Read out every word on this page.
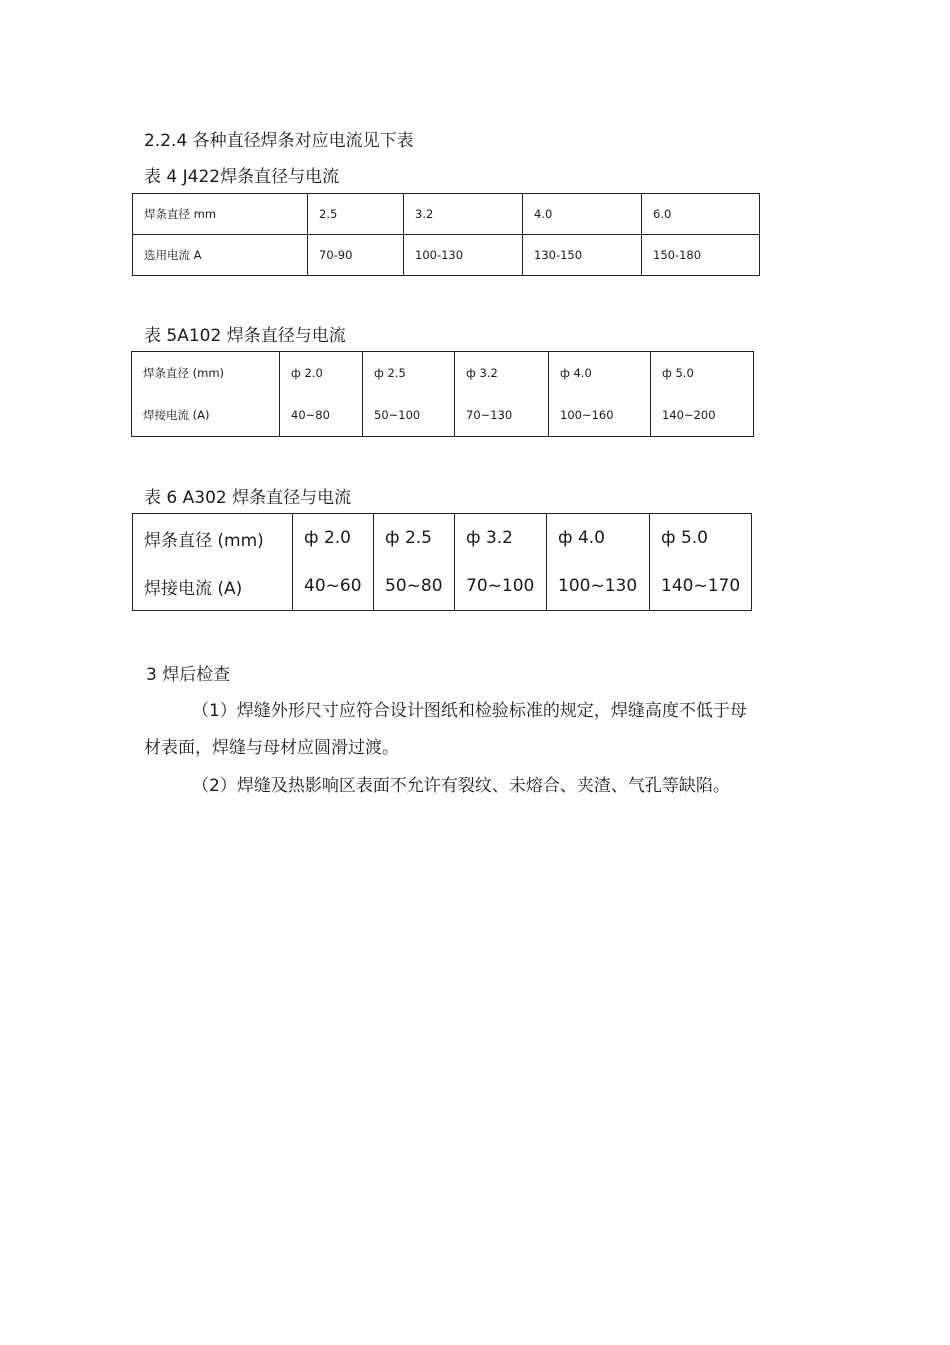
2.2.4 各种直径焊条对应电流见下表
表 4 J422焊条直径与电流
焊条直径 mm	2.5	3.2	4.0	6.0
选用电流 A	70-90	100-130	130-150	150-180
表 5A102 焊条直径与电流
焊条直径 (mm)	ф 2.0	ф 2.5	ф 3.2	ф 4.0	ф 5.0
焊接电流 (A)	40~80	50~100	70~130	100~160	140~200
表 6 A302 焊条直径与电流
焊条直径 (mm)	ф 2.0	ф 2.5	ф 3.2	ф 4.0	ф 5.0
焊接电流 (A)	40~60	50~80	70~100	100~130	140~170
3 焊后检查
（1）焊缝外形尺寸应符合设计图纸和检验标准的规定，焊缝高度不低于母
材表面，焊缝与母材应圆滑过渡。
（2）焊缝及热影响区表面不允许有裂纹、未熔合、夹渣、气孔等缺陷。
